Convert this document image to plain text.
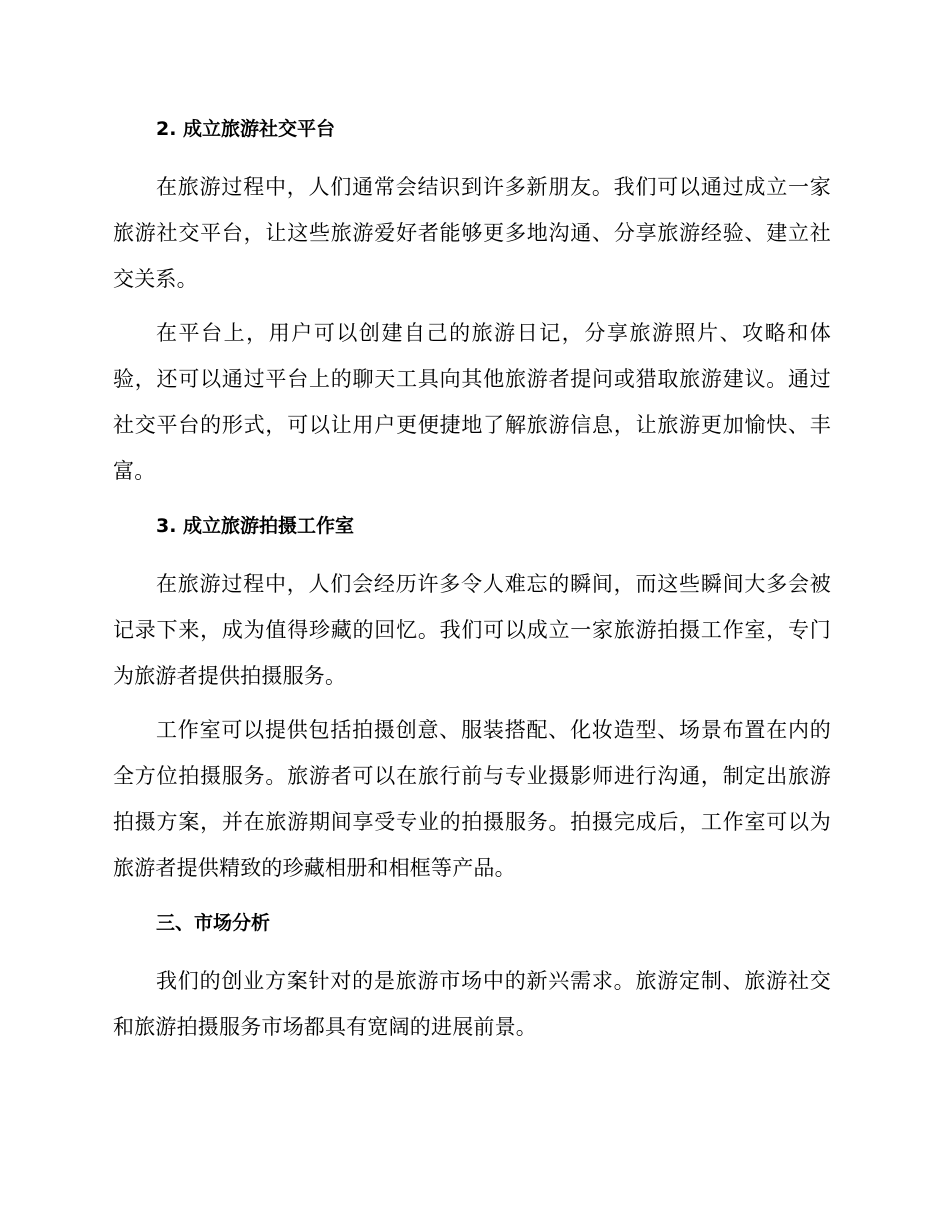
2. 成立旅游社交平台

在旅游过程中，人们通常会结识到许多新朋友。我们可以通过成立一家旅游社交平台，让这些旅游爱好者能够更多地沟通、分享旅游经验、建立社交关系。

在平台上，用户可以创建自己的旅游日记，分享旅游照片、攻略和体验，还可以通过平台上的聊天工具向其他旅游者提问或猎取旅游建议。通过社交平台的形式，可以让用户更便捷地了解旅游信息，让旅游更加愉快、丰富。

3. 成立旅游拍摄工作室

在旅游过程中，人们会经历许多令人难忘的瞬间，而这些瞬间大多会被记录下来，成为值得珍藏的回忆。我们可以成立一家旅游拍摄工作室，专门为旅游者提供拍摄服务。

工作室可以提供包括拍摄创意、服装搭配、化妆造型、场景布置在内的全方位拍摄服务。旅游者可以在旅行前与专业摄影师进行沟通，制定出旅游拍摄方案，并在旅游期间享受专业的拍摄服务。拍摄完成后，工作室可以为旅游者提供精致的珍藏相册和相框等产品。

三、市场分析

我们的创业方案针对的是旅游市场中的新兴需求。旅游定制、旅游社交和旅游拍摄服务市场都具有宽阔的进展前景。
